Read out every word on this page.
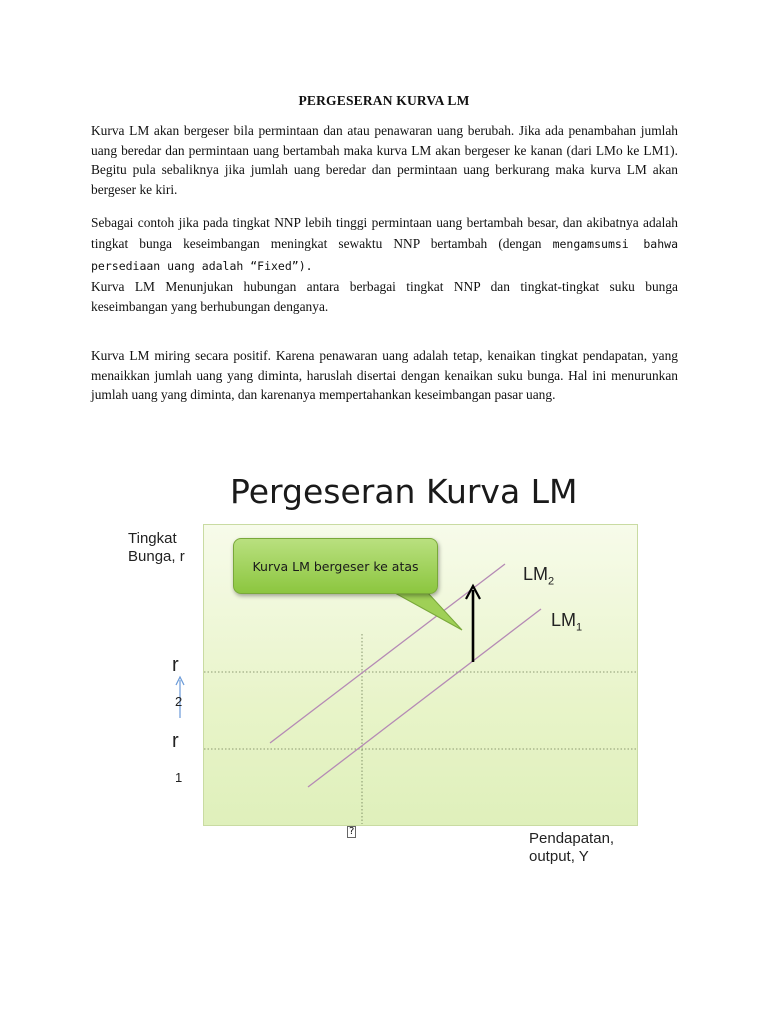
PERGESERAN KURVA LM

Kurva LM akan bergeser bila permintaan dan atau penawaran uang berubah. Jika ada penambahan jumlah uang beredar dan permintaan uang bertambah maka kurva LM akan bergeser ke kanan (dari LMo ke LM1). Begitu pula sebaliknya jika jumlah uang beredar dan permintaan uang berkurang maka kurva LM akan bergeser ke kiri.

Sebagai contoh jika pada tingkat NNP lebih tinggi permintaan uang bertambah besar, dan akibatnya adalah tingkat bunga keseimbangan meningkat sewaktu NNP bertambah (dengan mengamsumsi bahwa persediaan uang adalah “Fixed”).

Kurva LM Menunjukan hubungan antara berbagai tingkat NNP dan tingkat-tingkat suku bunga keseimbangan yang berhubungan denganya.

Kurva LM miring secara positif. Karena penawaran uang adalah tetap, kenaikan tingkat pendapatan, yang menaikkan jumlah uang yang diminta, haruslah disertai dengan kenaikan suku bunga. Hal ini menurunkan jumlah uang yang diminta, dan karenanya mempertahankan keseimbangan pasar uang.

Pergeseran Kurva LM
Tingkat
Bunga, r
Kurva LM bergeser ke atas	$LM_2$
$LM_1$
r
2
r
1
?	Pendapatan,
output, Y
